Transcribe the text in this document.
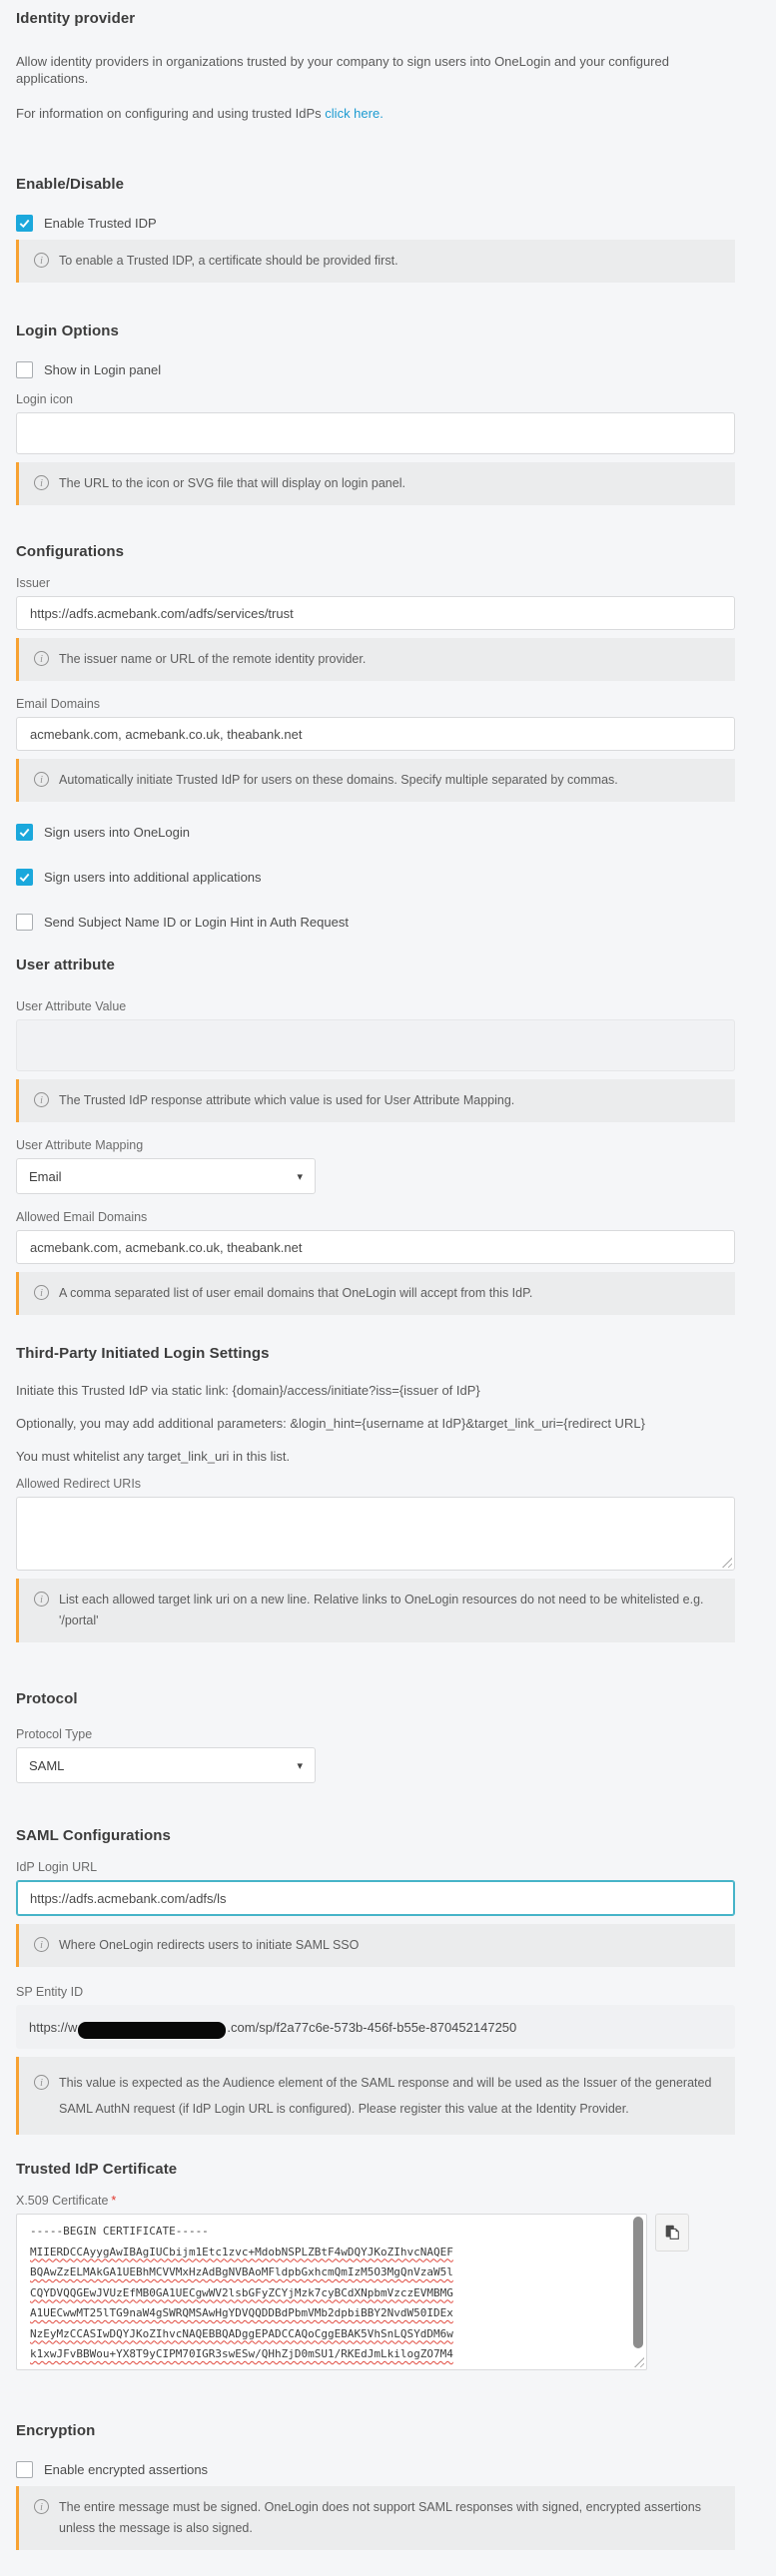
Identity provider

Allow identity providers in organizations trusted by your company to sign users into OneLogin and your configured applications.

For information on configuring and using trusted IdPs click here.

Enable/Disable
Enable Trusted IDP
i	To enable a Trusted IDP, a certificate should be provided first.
Login Options
Show in Login panel
Login icon
i	The URL to the icon or SVG file that will display on login panel.
Configurations
Issuer
https://adfs.acmebank.com/adfs/services/trust
i	The issuer name or URL of the remote identity provider.
Email Domains
acmebank.com, acmebank.co.uk, theabank.net
i	Automatically initiate Trusted IdP for users on these domains. Specify multiple separated by commas.
Sign users into OneLogin
Sign users into additional applications
Send Subject Name ID or Login Hint in Auth Request
User attribute
User Attribute Value
i	The Trusted IdP response attribute which value is used for User Attribute Mapping.
User Attribute Mapping
Email	▾
Allowed Email Domains
acmebank.com, acmebank.co.uk, theabank.net
i	A comma separated list of user email domains that OneLogin will accept from this IdP.
Third-Party Initiated Login Settings

Initiate this Trusted IdP via static link: {domain}/access/initiate?iss={issuer of IdP}

Optionally, you may add additional parameters: &login_hint={username at IdP}&target_link_uri={redirect URL}

You must whitelist any target_link_uri in this list.

Allowed Redirect URIs
i	List each allowed target link uri on a new line. Relative links to OneLogin resources do not need to be whitelisted e.g. '/portal'
Protocol
Protocol Type
SAML	▾
SAML Configurations
IdP Login URL
https://adfs.acmebank.com/adfs/ls
i	Where OneLogin redirects users to initiate SAML SSO
SP Entity ID
https://w	.com/sp/f2a77c6e-573b-456f-b55e-870452147250
i	This value is expected as the Audience element of the SAML response and will be used as the Issuer of the generated SAML AuthN request (if IdP Login URL is configured). Please register this value at the Identity Provider.
Trusted IdP Certificate
X.509 Certificate *
-----BEGIN CERTIFICATE-----
MIIERDCCAyygAwIBAgIUCbijm1Etc1zvc+MdobNSPLZBtF4wDQYJKoZIhvcNAQEF
BQAwZzELMAkGA1UEBhMCVVMxHzAdBgNVBAoMFldpbGxhcmQmIzM5O3MgQnVzaW5l
CQYDVQQGEwJVUzEfMB0GA1UECgwWV2lsbGFyZCYjMzk7cyBCdXNpbmVzczEVMBMG
A1UECwwMT25lTG9naW4gSWRQMSAwHgYDVQQDDBdPbmVMb2dpbiBBY2NvdW50IDEx
NzEyMzCCASIwDQYJKoZIhvcNAQEBBQADggEPADCCAQoCggEBAK5VhSnLQSYdDM6w
k1xwJFvBBWou+YX8T9yCIPM70IGR3swESw/QHhZjD0mSU1/RKEdJmLkilogZO7M4
Encryption
Enable encrypted assertions
i	The entire message must be signed. OneLogin does not support SAML responses with signed, encrypted assertions unless the message is also signed.
